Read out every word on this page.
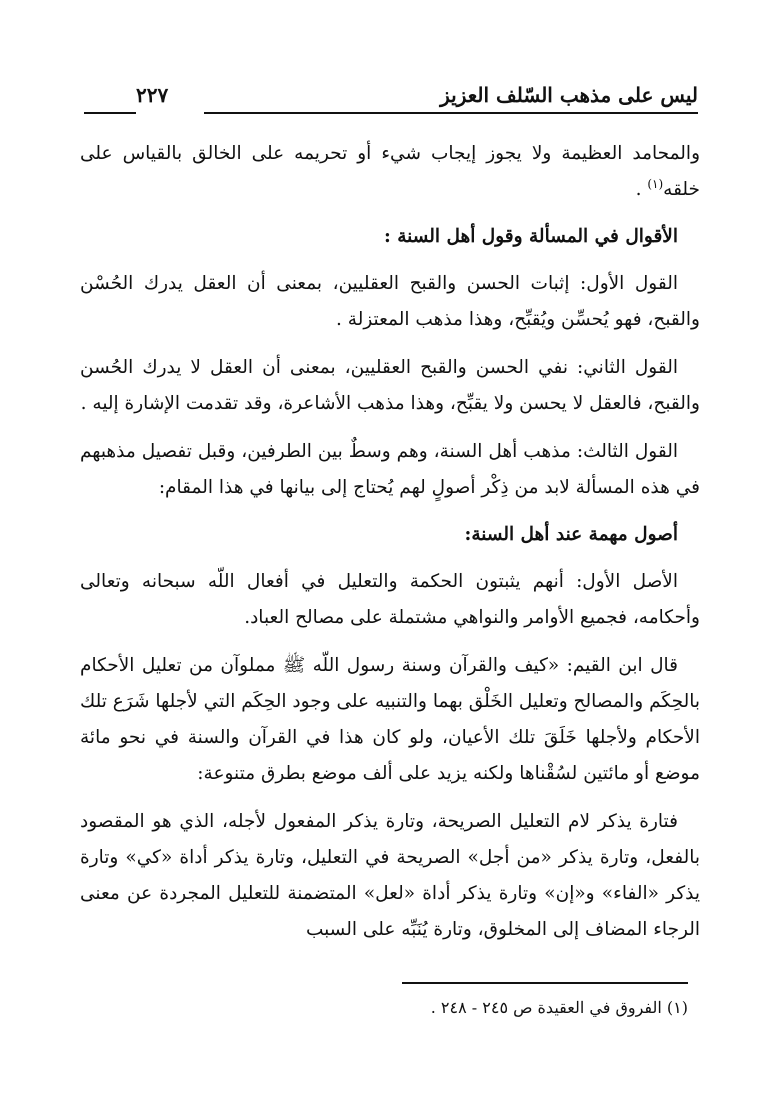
ليس على مذهب السّلف العزيز
٢٢٧

والمحامد العظيمة ولا يجوز إيجاب شيء أو تحريمه على الخالق بالقياس على خلقه$^{(١)}$ .

الأقوال في المسألة وقول أهل السنة :

القول الأول: إثبات الحسن والقبح العقليين، بمعنى أن العقل يدرك الحُسْن والقبح، فهو يُحسِّن ويُقبِّح، وهذا مذهب المعتزلة .

القول الثاني: نفي الحسن والقبح العقليين، بمعنى أن العقل لا يدرك الحُسن والقبح، فالعقل لا يحسن ولا يقبِّح، وهذا مذهب الأشاعرة، وقد تقدمت الإشارة إليه .

القول الثالث: مذهب أهل السنة، وهم وسطٌ بين الطرفين، وقبل تفصيل مذهبهم في هذه المسألة لابد من ذِكْر أصولٍ لهم يُحتاج إلى بيانها في هذا المقام:

أصول مهمة عند أهل السنة:

الأصل الأول: أنهم يثبتون الحكمة والتعليل في أفعال اللّه سبحانه وتعالى وأحكامه، فجميع الأوامر والنواهي مشتملة على مصالح العباد.

قال ابن القيم: «كيف والقرآن وسنة رسول اللّه ﷺ مملوآن من تعليل الأحكام بالحِكَم والمصالح وتعليل الخَلْق بهما والتنبيه على وجود الحِكَم التي لأجلها شَرَع تلك الأحكام ولأجلها خَلَقَ تلك الأعيان، ولو كان هذا في القرآن والسنة في نحو مائة موضع أو مائتين لسُقْناها ولكنه يزيد على ألف موضع بطرق متنوعة:

فتارة يذكر لام التعليل الصريحة، وتارة يذكر المفعول لأجله، الذي هو المقصود بالفعل، وتارة يذكر «من أجل» الصريحة في التعليل، وتارة يذكر أداة «كي» وتارة يذكر «الفاء» و«إن» وتارة يذكر أداة «لعل» المتضمنة للتعليل المجردة عن معنى الرجاء المضاف إلى المخلوق، وتارة يُنَبِّه على السبب

(١) الفروق في العقيدة ص ٢٤٥ - ٢٤٨ .
